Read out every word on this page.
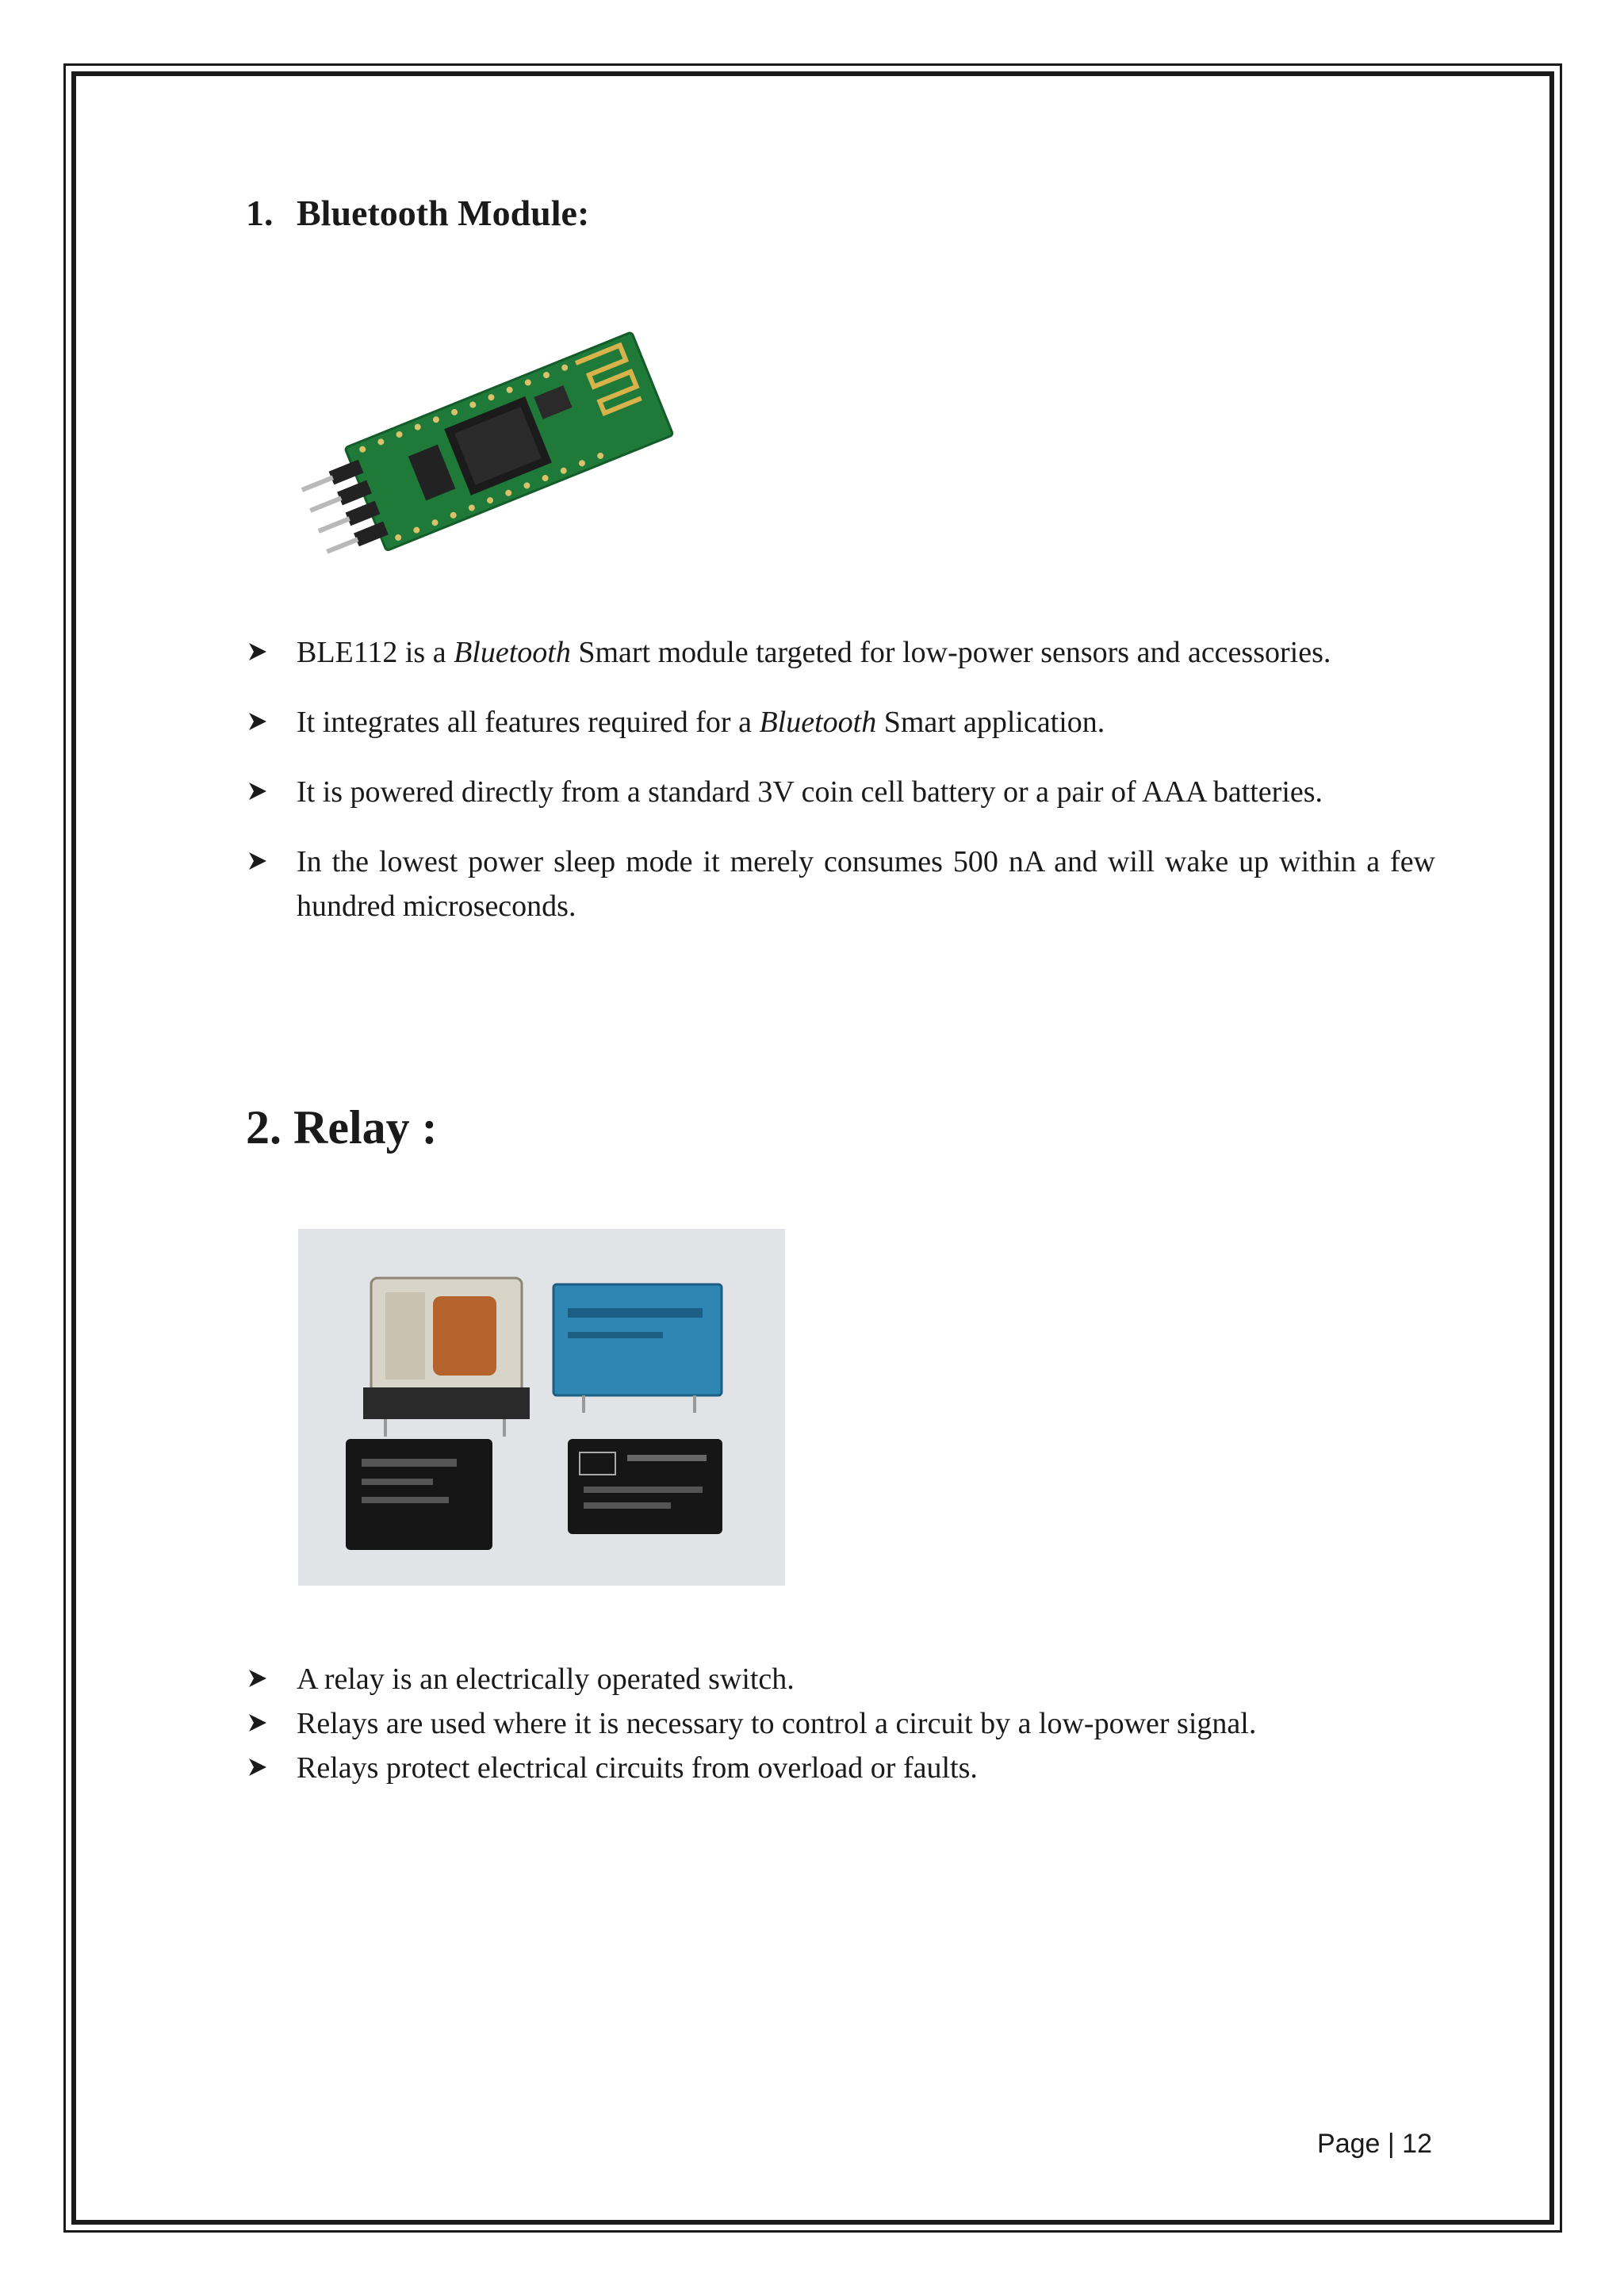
1. Bluetooth Module:
BLE112 is a Bluetooth Smart module targeted for low-power sensors and accessories.
It integrates all features required for a Bluetooth Smart application.
It is powered directly from a standard 3V coin cell battery or a pair of AAA batteries.
In the lowest power sleep mode it merely consumes 500 nA and will wake up within a few hundred microseconds.
2. Relay :
A relay is an electrically operated switch.
Relays are used where it is necessary to control a circuit by a low-power signal.
Relays protect electrical circuits from overload or faults.
Page | 12
